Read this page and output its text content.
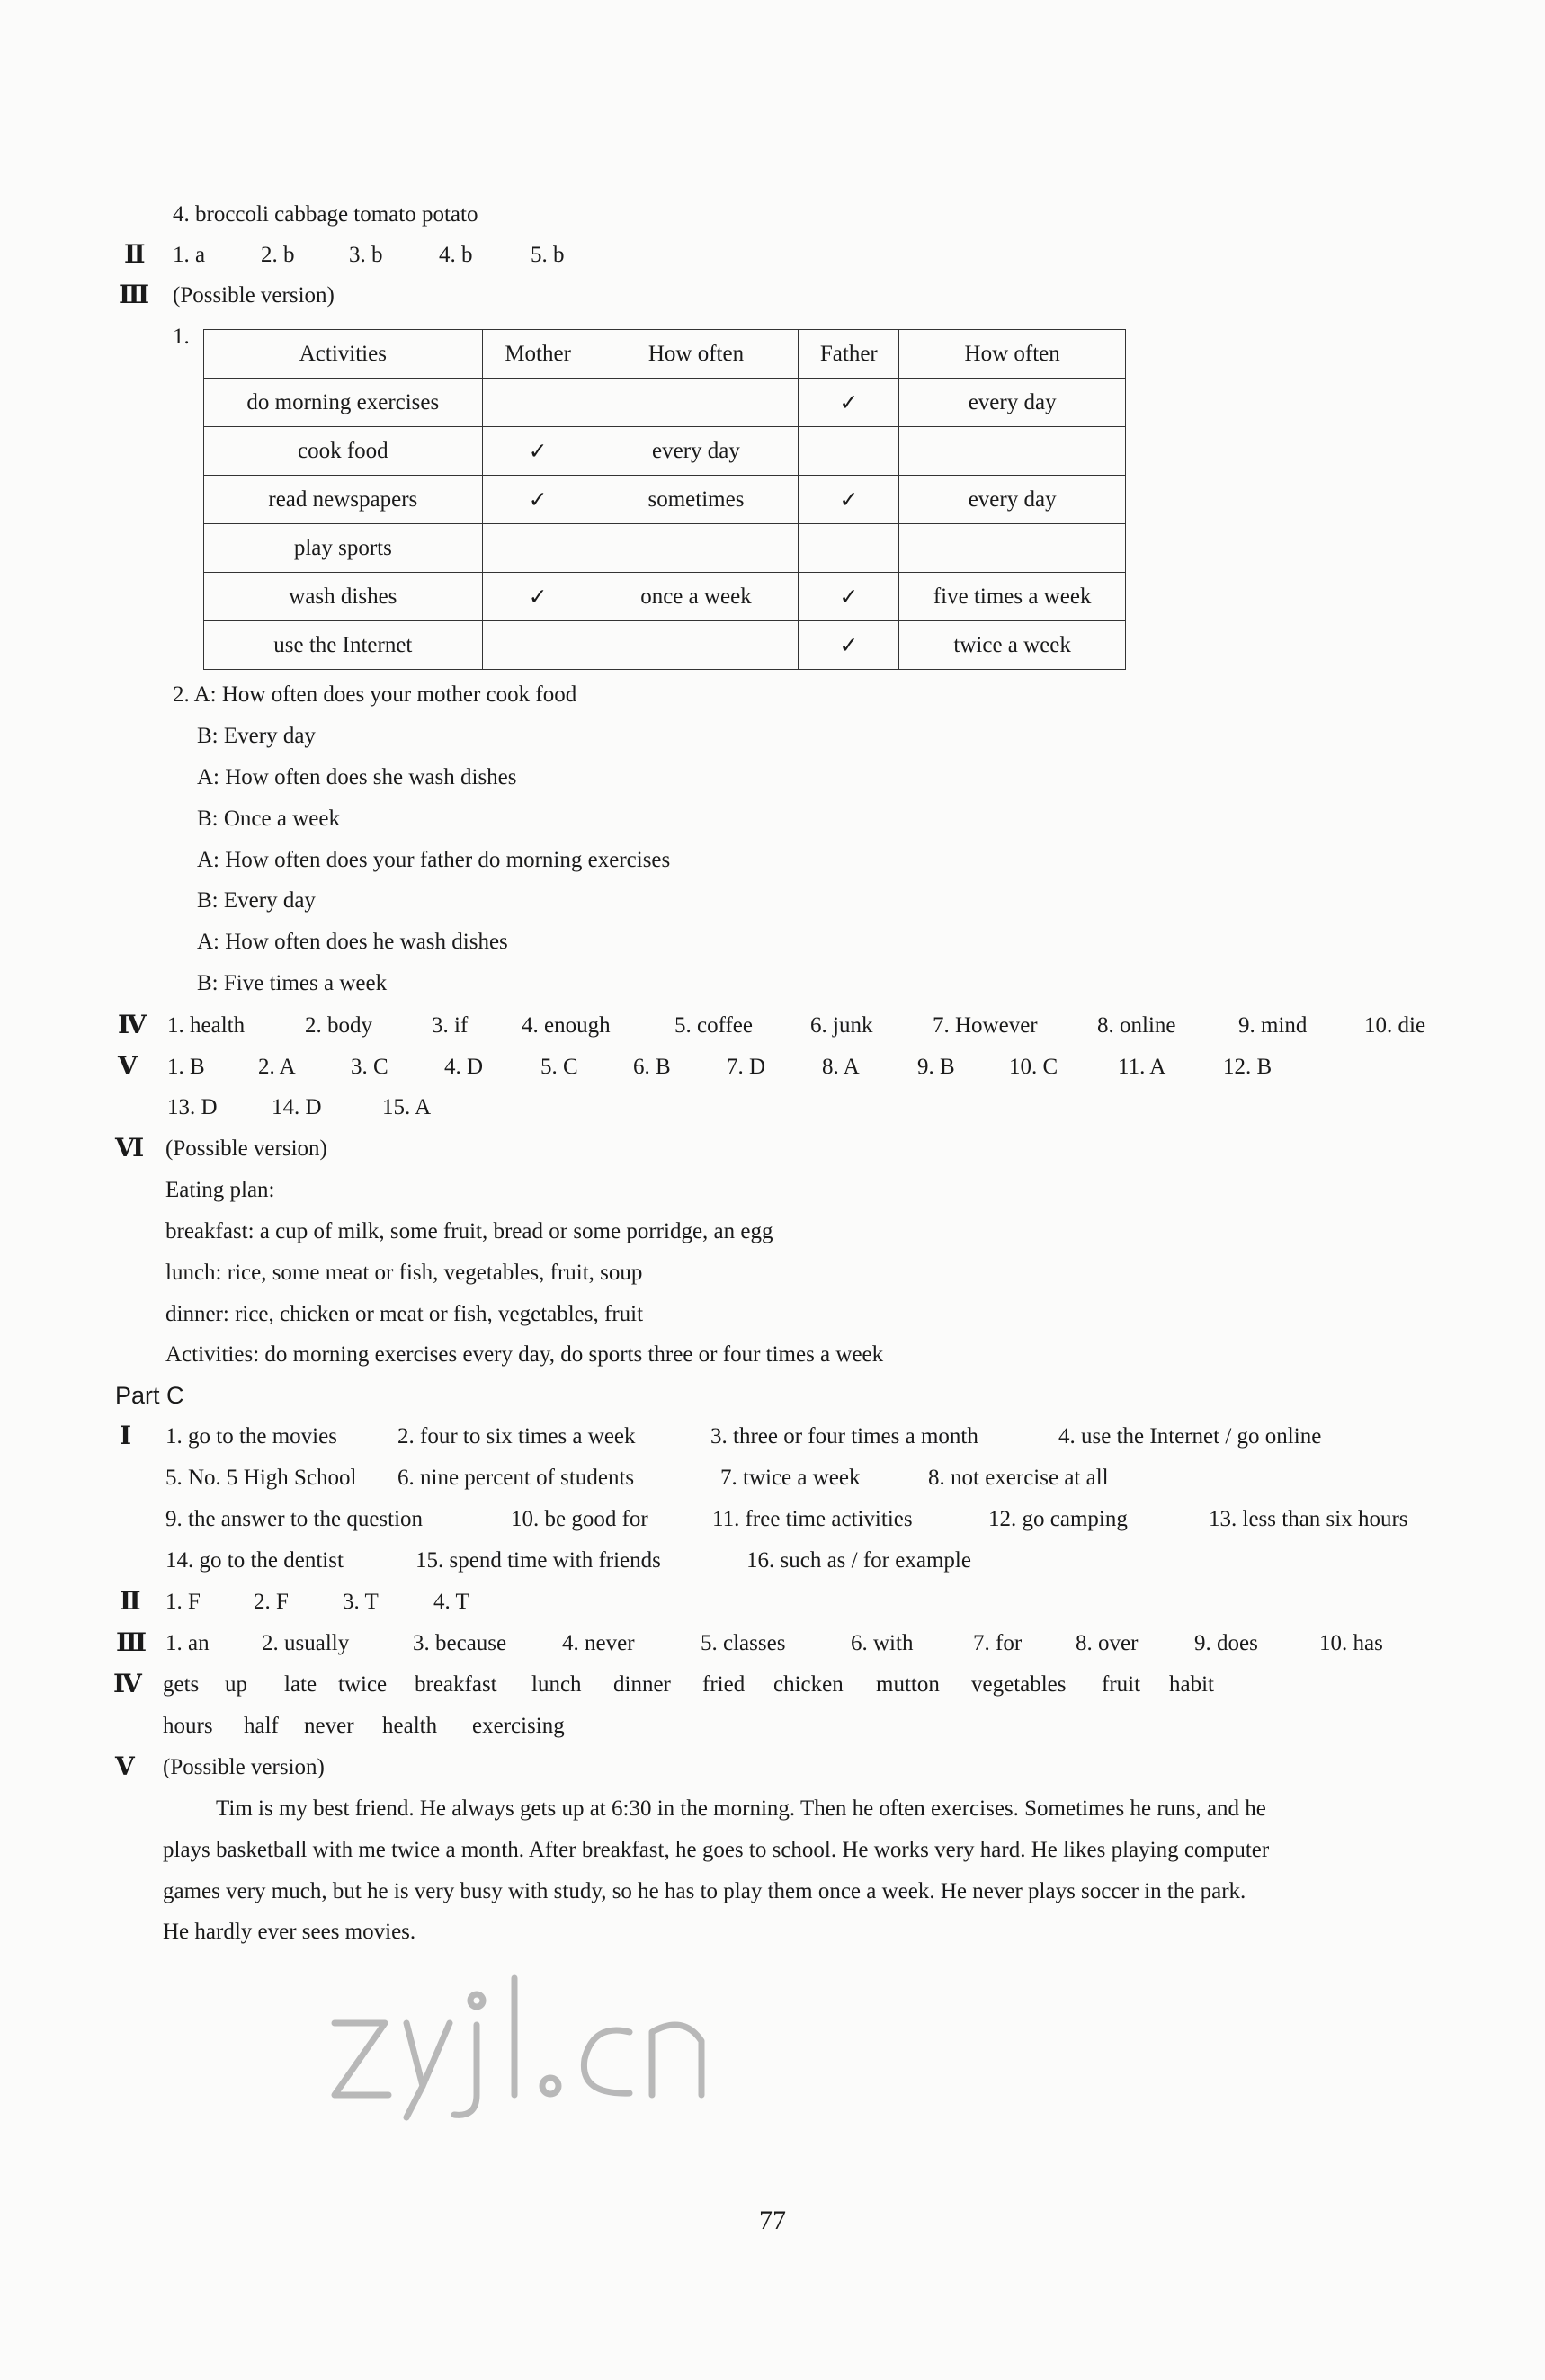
4. broccoli cabbage tomato potato
Ⅱ 1. a 2. b 3. b	4. b	5. b
Ⅲ (Possible version)
1.
Activities	Mother	How often	Father	How often
do morning exercises			✓	every day
cook food	✓	every day		
read newspapers	✓	sometimes	✓	every day
play sports				
wash dishes	✓	once a week	✓	five times a week
use the Internet			✓	twice a week
2. A: How often does your mother cook food
B: Every day
A: How often does she wash dishes
B: Once a week
A: How often does your father do morning exercises
B: Every day
A: How often does he wash dishes
B: Five times a week
Ⅳ 1. health	2. body	3. if 4. enough	5. coffee	6. junk	7. However	8. online	9. mind	10. die
Ⅴ 1. B 2. A 3. C 4. D	5. C 6. B 7. D	8. A	9. B 10. C	11. A	12. B
13. D 14. D	15. A
Ⅵ (Possible version)
Eating plan:
breakfast: a cup of milk, some fruit, bread or some porridge, an egg
lunch: rice, some meat or fish, vegetables, fruit, soup
dinner: rice, chicken or meat or fish, vegetables, fruit
Activities: do morning exercises every day, do sports three or four times a week
Part C
Ⅰ 1. go to the movies	2. four to six times a week	3. three or four times a month	4. use the Internet / go online
5. No. 5 High School 6. nine percent of students	7. twice a week	8. not exercise at all
9. the answer to the question	10. be good for	11. free time activities	12. go camping	13. less than six hours
14. go to the dentist	15. spend time with friends	16. such as / for example
Ⅱ 1. F 2. F 3. T 4. T
Ⅲ 1. an 2. usually	3. because 4. never	5. classes	6. with	7. for 8. over	9. does	10. has
Ⅳ gets up late twice breakfast lunch dinner fried chicken mutton vegetables fruit habit
hours half never health exercising
Ⅴ (Possible version)
Tim is my best friend. He always gets up at 6:30 in the morning. Then he often exercises. Sometimes he runs, and he
plays basketball with me twice a month. After breakfast, he goes to school. He works very hard. He likes playing computer
games very much, but he is very busy with study, so he has to play them once a week. He never plays soccer in the park.
He hardly ever sees movies.
77
